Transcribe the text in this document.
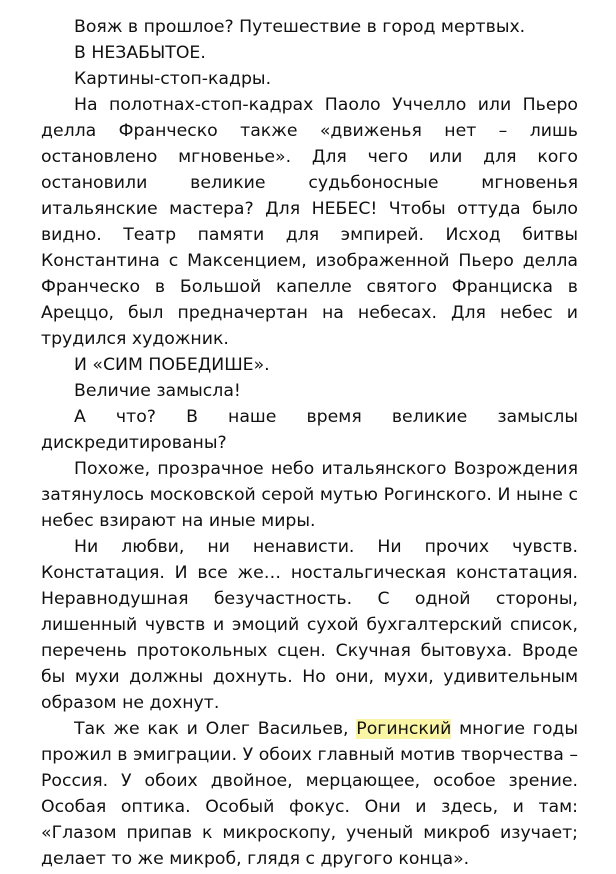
Вояж в прошлое? Путешествие в город мертвых.

В НЕЗАБЫТОЕ.

Картины-стоп-кадры.

На полотнах-стоп-кадрах Паоло Уччелло или Пьеро делла Франческо также «движенья нет – лишь остановлено мгновенье». Для чего или для кого остановили великие судьбоносные мгновенья итальянские мастера? Для НЕБЕС! Чтобы оттуда было видно. Театр памяти для эмпирей. Исход битвы Константина с Максенцием, изображенной Пьеро делла Франческо в Большой капелле святого Франциска в Ареццо, был предначертан на небесах. Для небес и трудился художник.

И «СИМ ПОБЕДИШЕ».

Величие замысла!

А что? В наше время великие замыслы дискредитированы?

Похоже, прозрачное небо итальянского Возрождения затянулось московской серой мутью Рогинского. И ныне с небес взирают на иные миры.

Ни любви, ни ненависти. Ни прочих чувств. Констатация. И все же… ностальгическая констатация. Неравнодушная безучастность. С одной стороны, лишенный чувств и эмоций сухой бухгалтерский список, перечень протокольных сцен. Скучная бытовуха. Вроде бы мухи должны дохнуть. Но они, мухи, удивительным образом не дохнут.

Так же как и Олег Васильев, Рогинский многие годы прожил в эмиграции. У обоих главный мотив творчества – Россия. У обоих двойное, мерцающее, особое зрение. Особая оптика. Особый фокус. Они и здесь, и там: «Глазом припав к микроскопу, ученый микроб изучает; делает то же микроб, глядя с другого конца».
